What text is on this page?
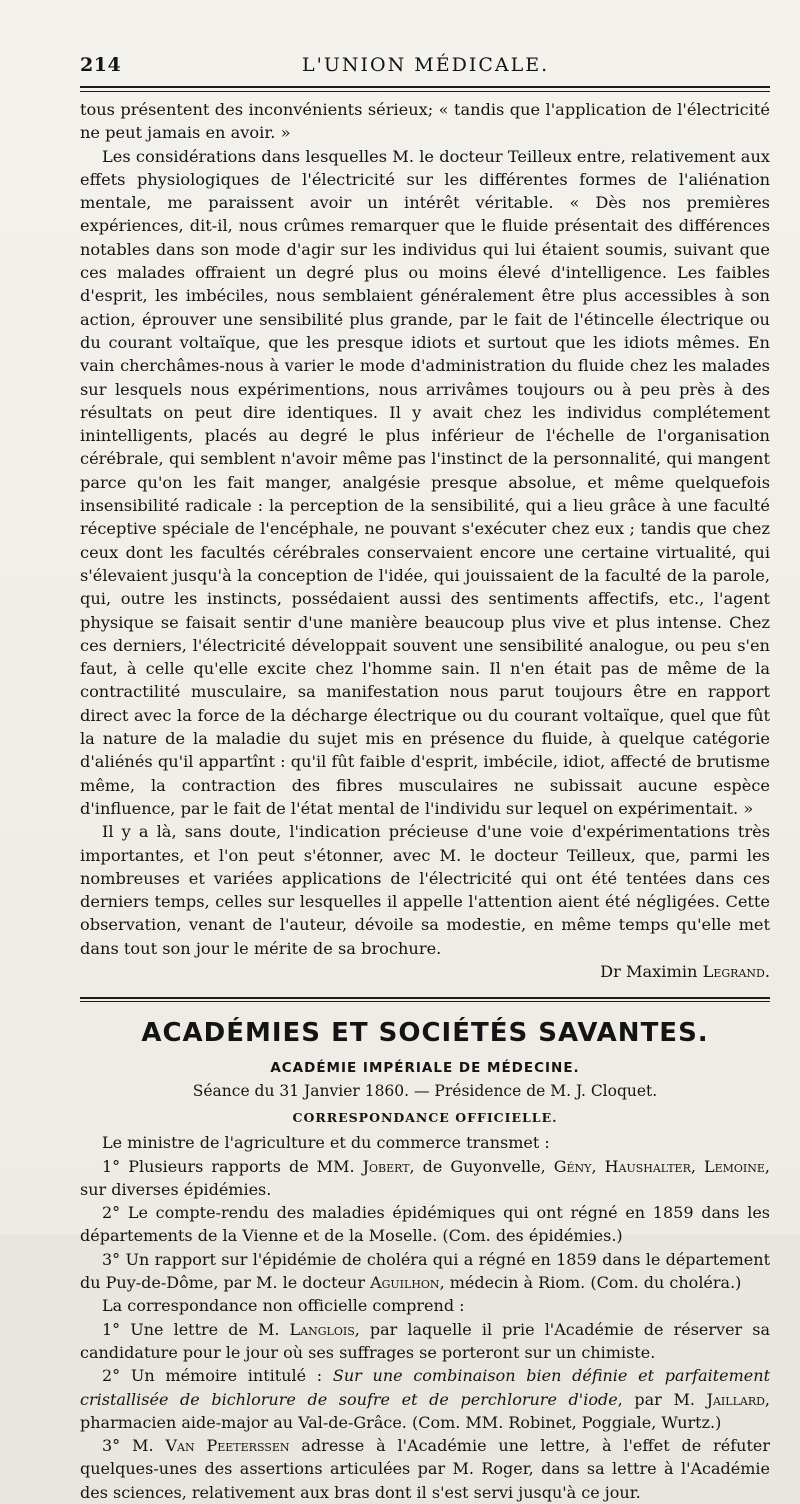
214	L'UNION MÉDICALE.

tous présentent des inconvénients sérieux; « tandis que l'application de l'électricité ne peut jamais en avoir. »

Les considérations dans lesquelles M. le docteur Teilleux entre, relativement aux effets physiologiques de l'électricité sur les différentes formes de l'aliénation mentale, me paraissent avoir un intérêt véritable. « Dès nos premières expériences, dit-il, nous crûmes remarquer que le fluide présentait des différences notables dans son mode d'agir sur les individus qui lui étaient soumis, suivant que ces malades offraient un degré plus ou moins élevé d'intelligence. Les faibles d'esprit, les imbéciles, nous semblaient généralement être plus accessibles à son action, éprouver une sensibilité plus grande, par le fait de l'étincelle électrique ou du courant voltaïque, que les presque idiots et surtout que les idiots mêmes. En vain cherchâmes-nous à varier le mode d'administration du fluide chez les malades sur lesquels nous expérimentions, nous arrivâmes toujours ou à peu près à des résultats on peut dire identiques. Il y avait chez les individus complétement inintelligents, placés au degré le plus inférieur de l'échelle de l'organisation cérébrale, qui semblent n'avoir même pas l'instinct de la personnalité, qui mangent parce qu'on les fait manger, analgésie presque absolue, et même quelquefois insensibilité radicale : la perception de la sensibilité, qui a lieu grâce à une faculté réceptive spéciale de l'encéphale, ne pouvant s'exécuter chez eux ; tandis que chez ceux dont les facultés cérébrales conservaient encore une certaine virtualité, qui s'élevaient jusqu'à la conception de l'idée, qui jouissaient de la faculté de la parole, qui, outre les instincts, possédaient aussi des sentiments affectifs, etc., l'agent physique se faisait sentir d'une manière beaucoup plus vive et plus intense. Chez ces derniers, l'électricité développait souvent une sensibilité analogue, ou peu s'en faut, à celle qu'elle excite chez l'homme sain. Il n'en était pas de même de la contractilité musculaire, sa manifestation nous parut toujours être en rapport direct avec la force de la décharge électrique ou du courant voltaïque, quel que fût la nature de la maladie du sujet mis en présence du fluide, à quelque catégorie d'aliénés qu'il appartînt : qu'il fût faible d'esprit, imbécile, idiot, affecté de brutisme même, la contraction des fibres musculaires ne subissait aucune espèce d'influence, par le fait de l'état mental de l'individu sur lequel on expérimentait. »

Il y a là, sans doute, l'indication précieuse d'une voie d'expérimentations très importantes, et l'on peut s'étonner, avec M. le docteur Teilleux, que, parmi les nombreuses et variées applications de l'électricité qui ont été tentées dans ces derniers temps, celles sur lesquelles il appelle l'attention aient été négligées. Cette observation, venant de l'auteur, dévoile sa modestie, en même temps qu'elle met dans tout son jour le mérite de sa brochure.

Dr Maximin Legrand.

ACADÉMIES ET SOCIÉTÉS SAVANTES.
ACADÉMIE IMPÉRIALE DE MÉDECINE.
Séance du 31 Janvier 1860. — Présidence de M. J. Cloquet.
CORRESPONDANCE OFFICIELLE.

Le ministre de l'agriculture et du commerce transmet :

1° Plusieurs rapports de MM. Jobert, de Guyonvelle, Gény, Haushalter, Lemoine, sur diverses épidémies.

2° Le compte-rendu des maladies épidémiques qui ont régné en 1859 dans les départements de la Vienne et de la Moselle. (Com. des épidémies.)

3° Un rapport sur l'épidémie de choléra qui a régné en 1859 dans le département du Puy-de-Dôme, par M. le docteur Aguilhon, médecin à Riom. (Com. du choléra.)

La correspondance non officielle comprend :

1° Une lettre de M. Langlois, par laquelle il prie l'Académie de réserver sa candidature pour le jour où ses suffrages se porteront sur un chimiste.

2° Un mémoire intitulé : Sur une combinaison bien définie et parfaitement cristallisée de bichlorure de soufre et de perchlorure d'iode, par M. Jaillard, pharmacien aide-major au Val-de-Grâce. (Com. MM. Robinet, Poggiale, Wurtz.)

3° M. Van Peeterssen adresse à l'Académie une lettre, à l'effet de réfuter quelques-unes des assertions articulées par M. Roger, dans sa lettre à l'Académie des sciences, relativement aux bras dont il s'est servi jusqu'à ce jour.
